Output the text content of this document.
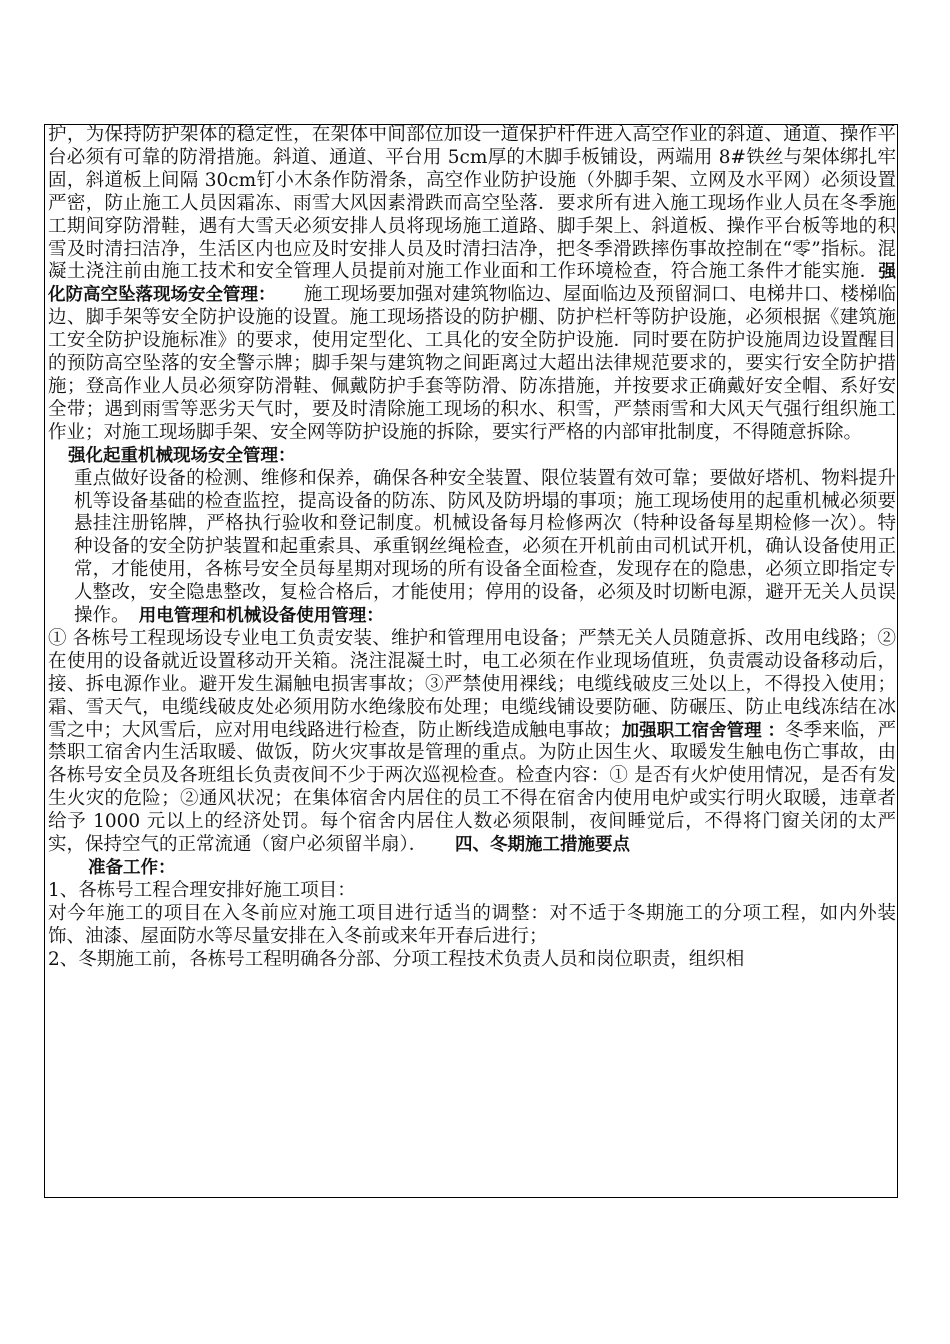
护，为保持防护架体的稳定性，在架体中间部位加设一道保护杆件进入高空作业的斜道、通道、操作平台必须有可靠的防滑措施。斜道、通道、平台用 5cm厚的木脚手板铺设，两端用 8#铁丝与架体绑扎牢固，斜道板上间隔 30cm钉小木条作防滑条，高空作业防护设施（外脚手架、立网及水平网）必须设置严密，防止施工人员因霜冻、雨雪大风因素滑跌而高空坠落．要求所有进入施工现场作业人员在冬季施工期间穿防滑鞋，遇有大雪天必须安排人员将现场施工道路、脚手架上、斜道板、操作平台板等地的积雪及时清扫洁净，生活区内也应及时安排人员及时清扫洁净，把冬季滑跌摔伤事故控制在“零”指标。混凝土浇注前由施工技术和安全管理人员提前对施工作业面和工作环境检查，符合施工条件才能实施．强化防高空坠落现场安全管理：　　施工现场要加强对建筑物临边、屋面临边及预留洞口、电梯井口、楼梯临边、脚手架等安全防护设施的设置。施工现场搭设的防护棚、防护栏杆等防护设施，必须根据《建筑施工安全防护设施标准》的要求，使用定型化、工具化的安全防护设施．同时要在防护设施周边设置醒目的预防高空坠落的安全警示牌；脚手架与建筑物之间距离过大超出法律规范要求的，要实行安全防护措施；登高作业人员必须穿防滑鞋、佩戴防护手套等防滑、防冻措施，并按要求正确戴好安全帽、系好安全带；遇到雨雪等恶劣天气时，要及时清除施工现场的积水、积雪，严禁雨雪和大风天气强行组织施工作业；对施工现场脚手架、安全网等防护设施的拆除，要实行严格的内部审批制度，不得随意拆除。

强化起重机械现场安全管理：

重点做好设备的检测、维修和保养，确保各种安全装置、限位装置有效可靠；要做好塔机、物料提升机等设备基础的检查监控，提高设备的防冻、防风及防坍塌的事项；施工现场使用的起重机械必须要悬挂注册铭牌，严格执行验收和登记制度。机械设备每月检修两次（特种设备每星期检修一次）。特种设备的安全防护装置和起重索具、承重钢丝绳检查，必须在开机前由司机试开机，确认设备使用正常，才能使用，各栋号安全员每星期对现场的所有设备全面检查，发现存在的隐患，必须立即指定专人整改，安全隐患整改，复检合格后，才能使用；停用的设备，必须及时切断电源，避开无关人员误操作。　 用电管理和机械设备使用管理：

① 各栋号工程现场设专业电工负责安装、维护和管理用电设备；严禁无关人员随意拆、改用电线路；②在使用的设备就近设置移动开关箱。浇注混凝土时，电工必须在作业现场值班，负责震动设备移动后，接、拆电源作业。避开发生漏触电损害事故；③严禁使用裸线；电缆线破皮三处以上，不得投入使用；霜、雪天气，电缆线破皮处必须用防水绝缘胶布处理；电缆线铺设要防砸、防碾压、防止电线冻结在冰雪之中；大风雪后，应对用电线路进行检查，防止断线造成触电事故；加强职工宿舍管理 ：冬季来临，严禁职工宿舍内生活取暖、做饭，防火灾事故是管理的重点。为防止因生火、取暖发生触电伤亡事故，由各栋号安全员及各班组长负责夜间不少于两次巡视检查。检查内容：① 是否有火炉使用情况，是否有发生火灾的危险；②通风状况；在集体宿舍内居住的员工不得在宿舍内使用电炉或实行明火取暖，违章者给予 1000 元以上的经济处罚。每个宿舍内居住人数必须限制，夜间睡觉后，不得将门窗关闭的太严实，保持空气的正常流通（窗户必须留半扇）．　　 四、冬期施工措施要点

准备工作：

1、各栋号工程合理安排好施工项目：

对今年施工的项目在入冬前应对施工项目进行适当的调整：对不适于冬期施工的分项工程，如内外装饰、油漆、屋面防水等尽量安排在入冬前或来年开春后进行；

2、冬期施工前，各栋号工程明确各分部、分项工程技术负责人员和岗位职责，组织相
